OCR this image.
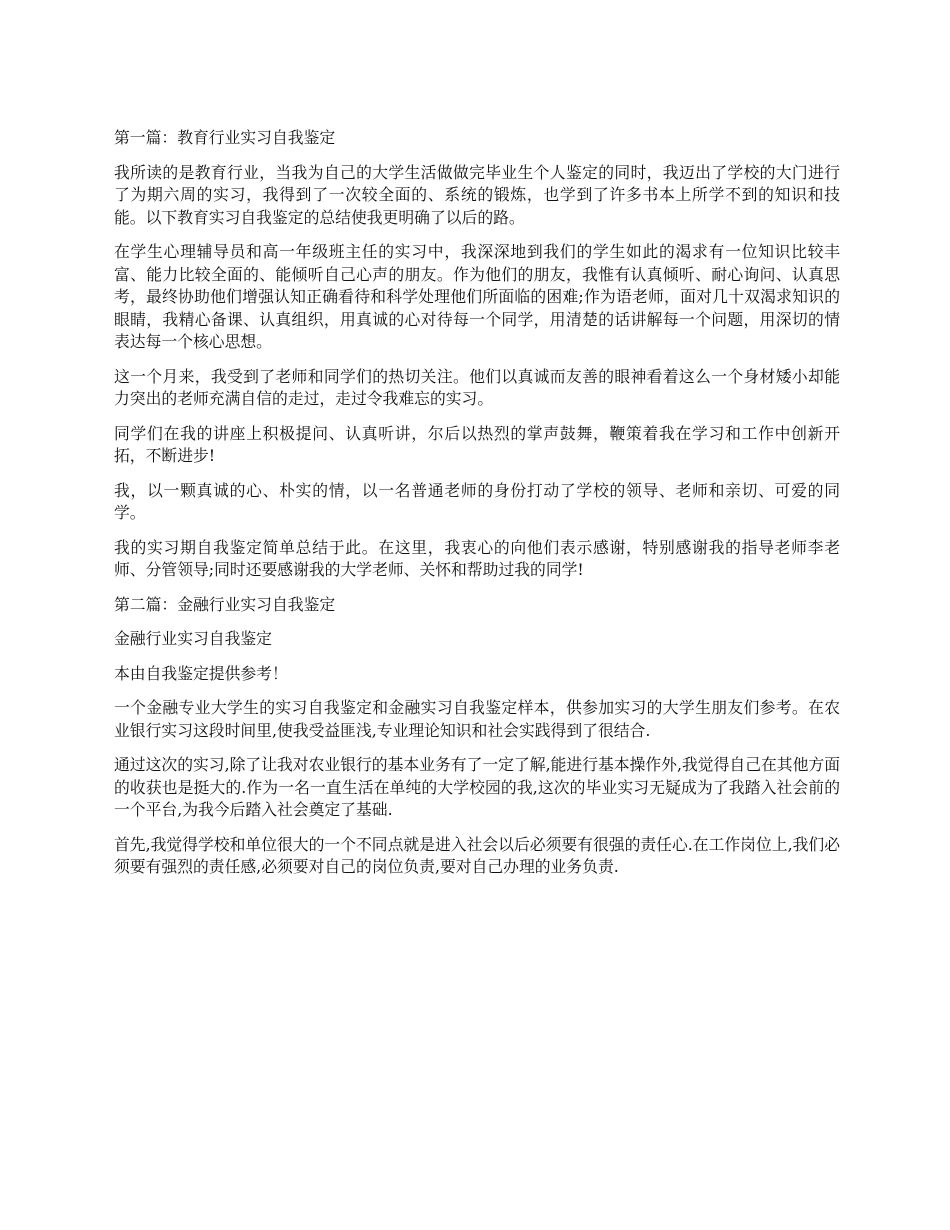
第一篇：教育行业实习自我鉴定

我所读的是教育行业，当我为自己的大学生活做做完毕业生个人鉴定的同时，我迈出了学校的大门进行了为期六周的实习，我得到了一次较全面的、系统的锻炼，也学到了许多书本上所学不到的知识和技能。以下教育实习自我鉴定的总结使我更明确了以后的路。

在学生心理辅导员和高一年级班主任的实习中，我深深地到我们的学生如此的渴求有一位知识比较丰富、能力比较全面的、能倾听自己心声的朋友。作为他们的朋友，我惟有认真倾听、耐心询问、认真思考，最终协助他们增强认知正确看待和科学处理他们所面临的困难;作为语老师，面对几十双渴求知识的眼睛，我精心备课、认真组织，用真诚的心对待每一个同学，用清楚的话讲解每一个问题，用深切的情表达每一个核心思想。

这一个月来，我受到了老师和同学们的热切关注。他们以真诚而友善的眼神看着这么一个身材矮小却能力突出的老师充满自信的走过，走过令我难忘的实习。

同学们在我的讲座上积极提问、认真听讲，尔后以热烈的掌声鼓舞，鞭策着我在学习和工作中创新开拓，不断进步!

我，以一颗真诚的心、朴实的情，以一名普通老师的身份打动了学校的领导、老师和亲切、可爱的同学。

我的实习期自我鉴定简单总结于此。在这里，我衷心的向他们表示感谢，特别感谢我的指导老师李老师、分管领导;同时还要感谢我的大学老师、关怀和帮助过我的同学!

第二篇：金融行业实习自我鉴定

金融行业实习自我鉴定

本由自我鉴定提供参考！

一个金融专业大学生的实习自我鉴定和金融实习自我鉴定样本，供参加实习的大学生朋友们参考。在农业银行实习这段时间里,使我受益匪浅,专业理论知识和社会实践得到了很结合.

通过这次的实习,除了让我对农业银行的基本业务有了一定了解,能进行基本操作外,我觉得自己在其他方面的收获也是挺大的.作为一名一直生活在单纯的大学校园的我,这次的毕业实习无疑成为了我踏入社会前的一个平台,为我今后踏入社会奠定了基础.

首先,我觉得学校和单位很大的一个不同点就是进入社会以后必须要有很强的责任心.在工作岗位上,我们必须要有强烈的责任感,必须要对自己的岗位负责,要对自己办理的业务负责.
